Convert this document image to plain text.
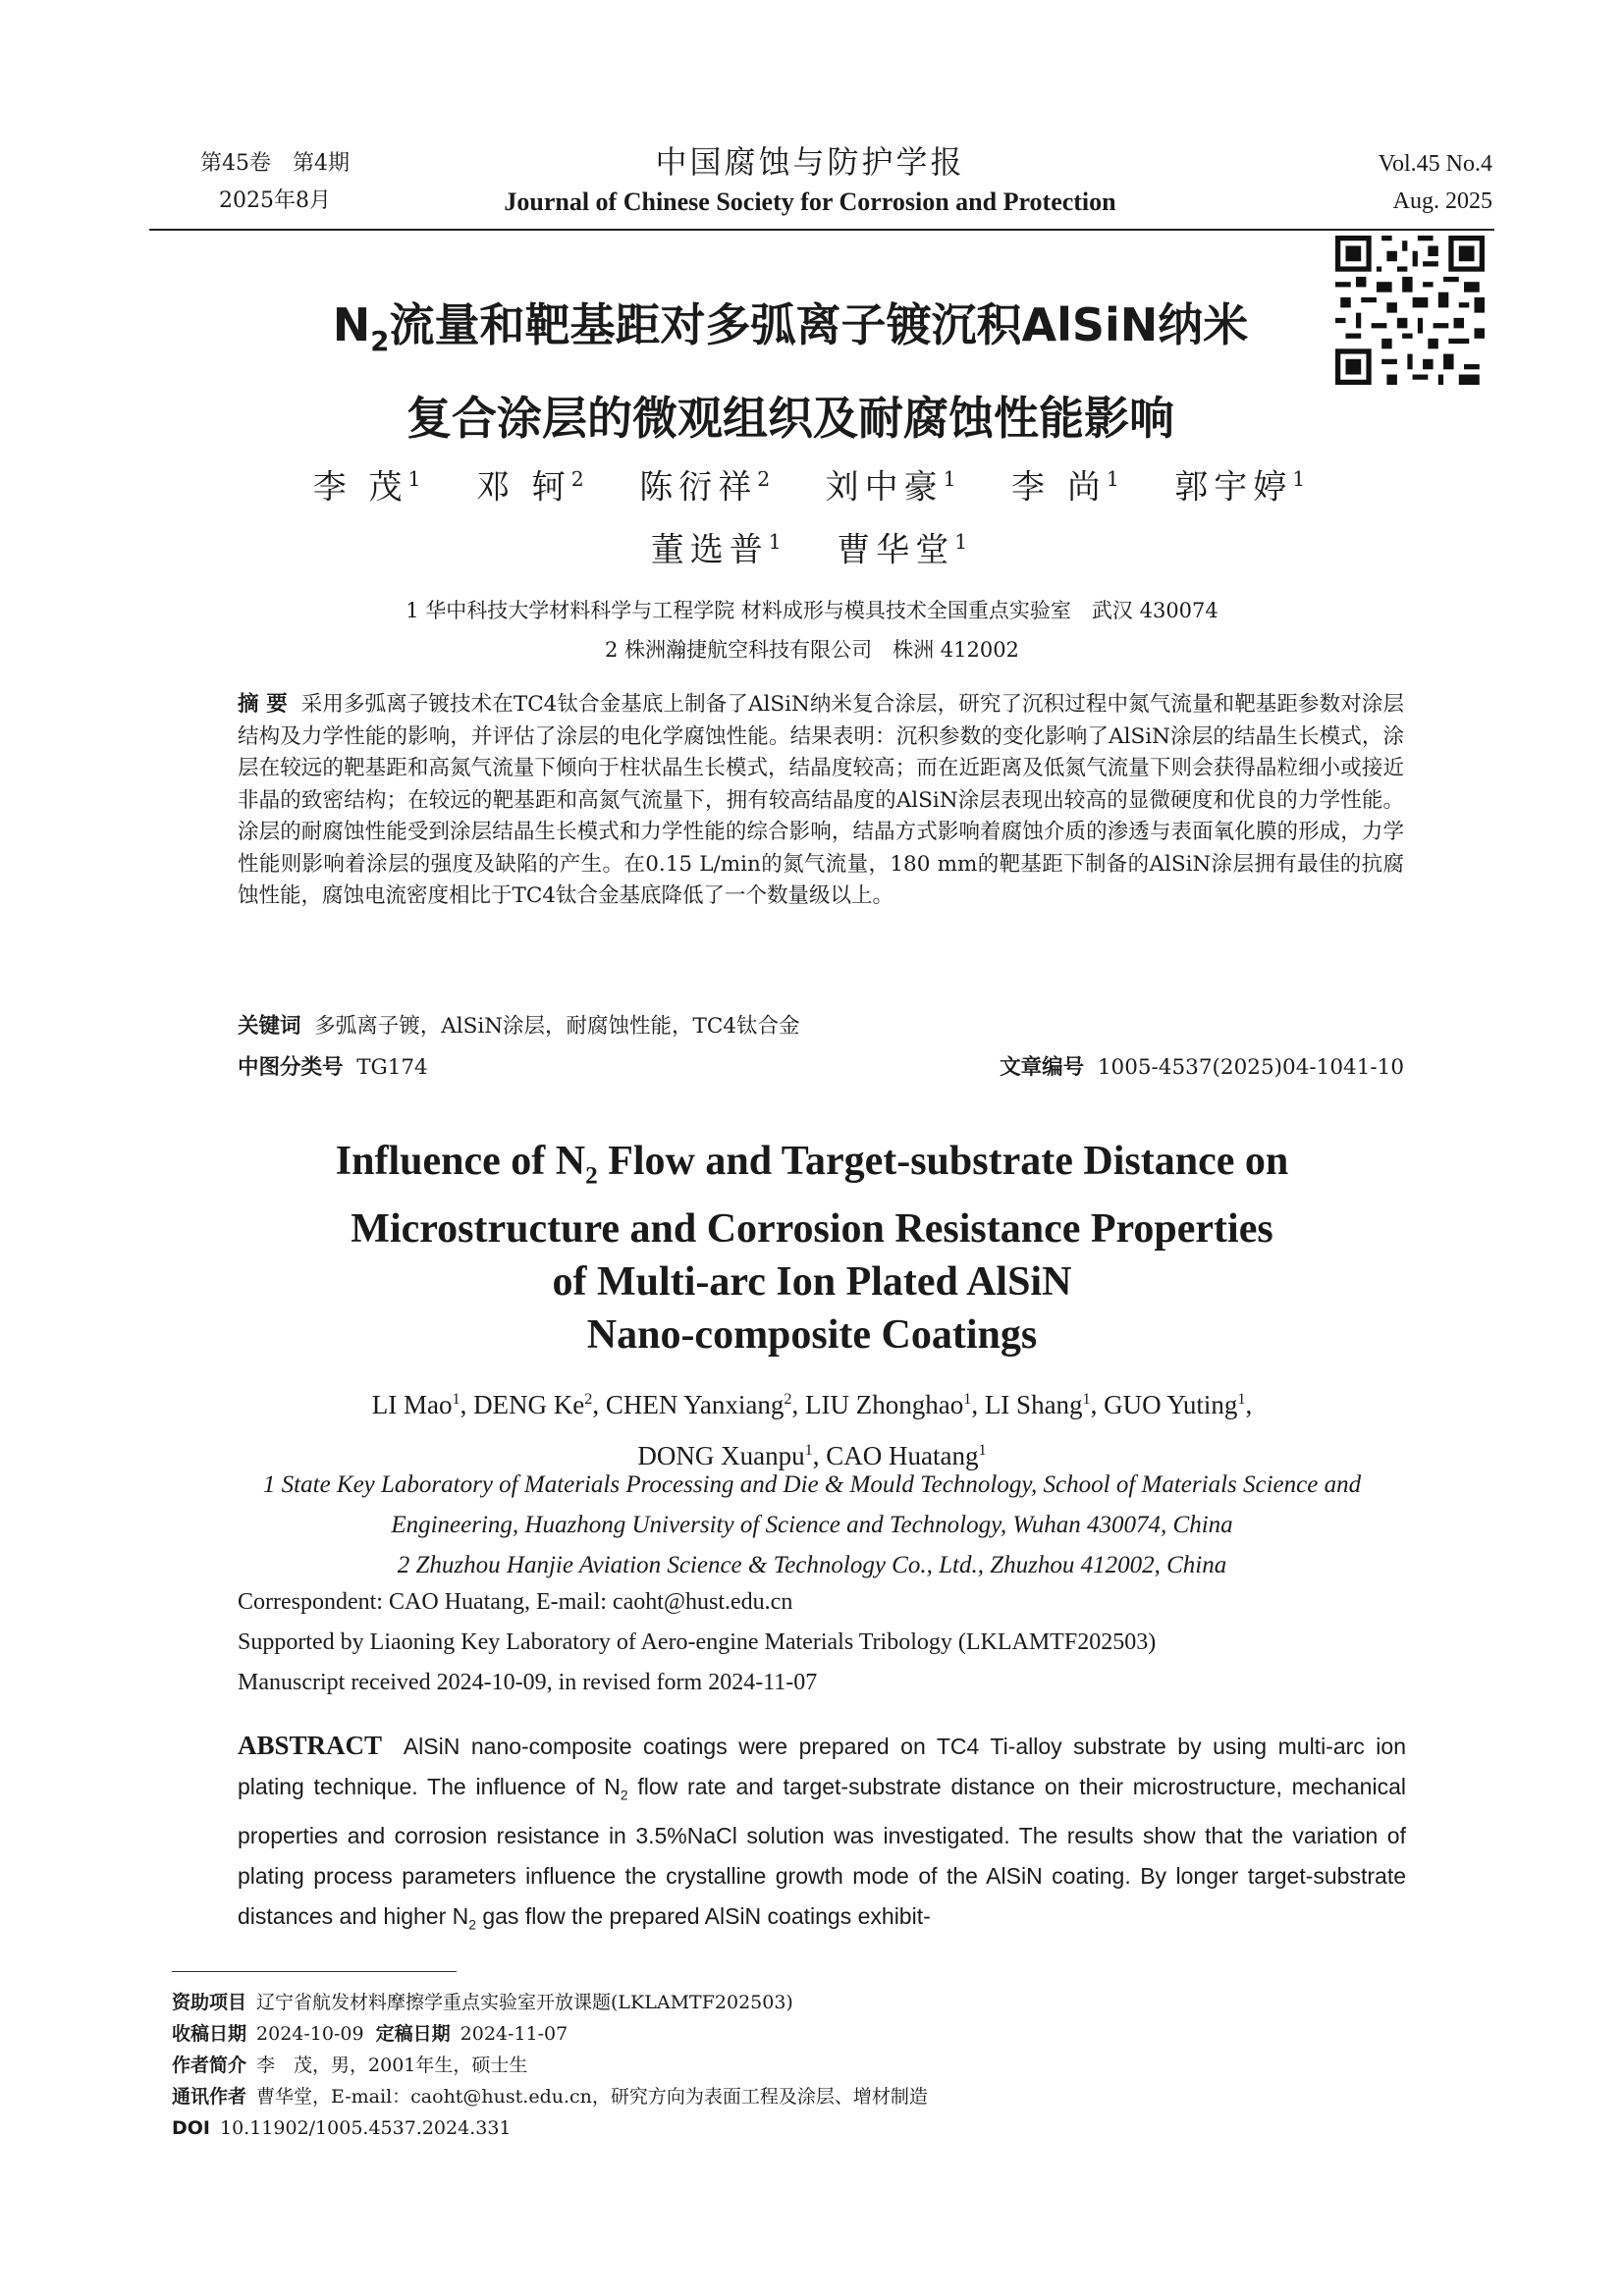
第45卷　第4期
2025年8月
中国腐蚀与防护学报
Journal of Chinese Society for Corrosion and Protection
Vol.45 No.4
Aug. 2025
$N_2$流量和靶基距对多弧离子镀沉积AlSiN纳米
复合涂层的微观组织及耐腐蚀性能影响
李 茂$^1$ 邓 轲$^2$ 陈衍祥$^2$ 刘中豪$^1$ 李 尚$^1$ 郭宇婷$^1$
董选普$^1$ 曹华堂$^1$
1 华中科技大学材料科学与工程学院 材料成形与模具技术全国重点实验室　武汉 430074
2 株洲瀚捷航空科技有限公司　株洲 412002
摘 要 采用多弧离子镀技术在TC4钛合金基底上制备了AlSiN纳米复合涂层，研究了沉积过程中氮气流量和靶基距参数对涂层结构及力学性能的影响，并评估了涂层的电化学腐蚀性能。结果表明：沉积参数的变化影响了AlSiN涂层的结晶生长模式，涂层在较远的靶基距和高氮气流量下倾向于柱状晶生长模式，结晶度较高；而在近距离及低氮气流量下则会获得晶粒细小或接近非晶的致密结构；在较远的靶基距和高氮气流量下，拥有较高结晶度的AlSiN涂层表现出较高的显微硬度和优良的力学性能。涂层的耐腐蚀性能受到涂层结晶生长模式和力学性能的综合影响，结晶方式影响着腐蚀介质的渗透与表面氧化膜的形成，力学性能则影响着涂层的强度及缺陷的产生。在0.15 L/min的氮气流量，180 mm的靶基距下制备的AlSiN涂层拥有最佳的抗腐蚀性能，腐蚀电流密度相比于TC4钛合金基底降低了一个数量级以上。
关键词 多弧离子镀，AlSiN涂层，耐腐蚀性能，TC4钛合金
中图分类号 TG174	文章编号 1005-4537(2025)04-1041-10
Influence of $N_2$ Flow and Target-substrate Distance on
Microstructure and Corrosion Resistance Properties
of Multi-arc Ion Plated AlSiN
Nano-composite Coatings
LI Mao$^1$, DENG Ke$^2$, CHEN Yanxiang$^2$, LIU Zhonghao$^1$, LI Shang$^1$, GUO Yuting$^1$,
DONG Xuanpu$^1$, CAO Huatang$^1$
1 State Key Laboratory of Materials Processing and Die & Mould Technology, School of Materials Science and
Engineering, Huazhong University of Science and Technology, Wuhan 430074, China
2 Zhuzhou Hanjie Aviation Science & Technology Co., Ltd., Zhuzhou 412002, China
Correspondent: CAO Huatang, E-mail: caoht@hust.edu.cn
Supported by Liaoning Key Laboratory of Aero-engine Materials Tribology (LKLAMTF202503)
Manuscript received 2024-10-09, in revised form 2024-11-07
ABSTRACT AlSiN nano-composite coatings were prepared on TC4 Ti-alloy substrate by using multi-arc ion plating technique. The influence of $N_2$ flow rate and target-substrate distance on their microstructure, mechanical properties and corrosion resistance in 3.5%NaCl solution was investigated. The results show that the variation of plating process parameters influence the crystalline growth mode of the AlSiN coating. By longer target-substrate distances and higher $N_2$ gas flow the prepared AlSiN coatings exhibit-
资助项目 辽宁省航发材料摩擦学重点实验室开放课题(LKLAMTF202503)
收稿日期 2024-10-09 定稿日期 2024-11-07
作者简介 李　茂，男，2001年生，硕士生
通讯作者 曹华堂，E-mail：caoht@hust.edu.cn，研究方向为表面工程及涂层、增材制造
DOI 10.11902/1005.4537.2024.331
